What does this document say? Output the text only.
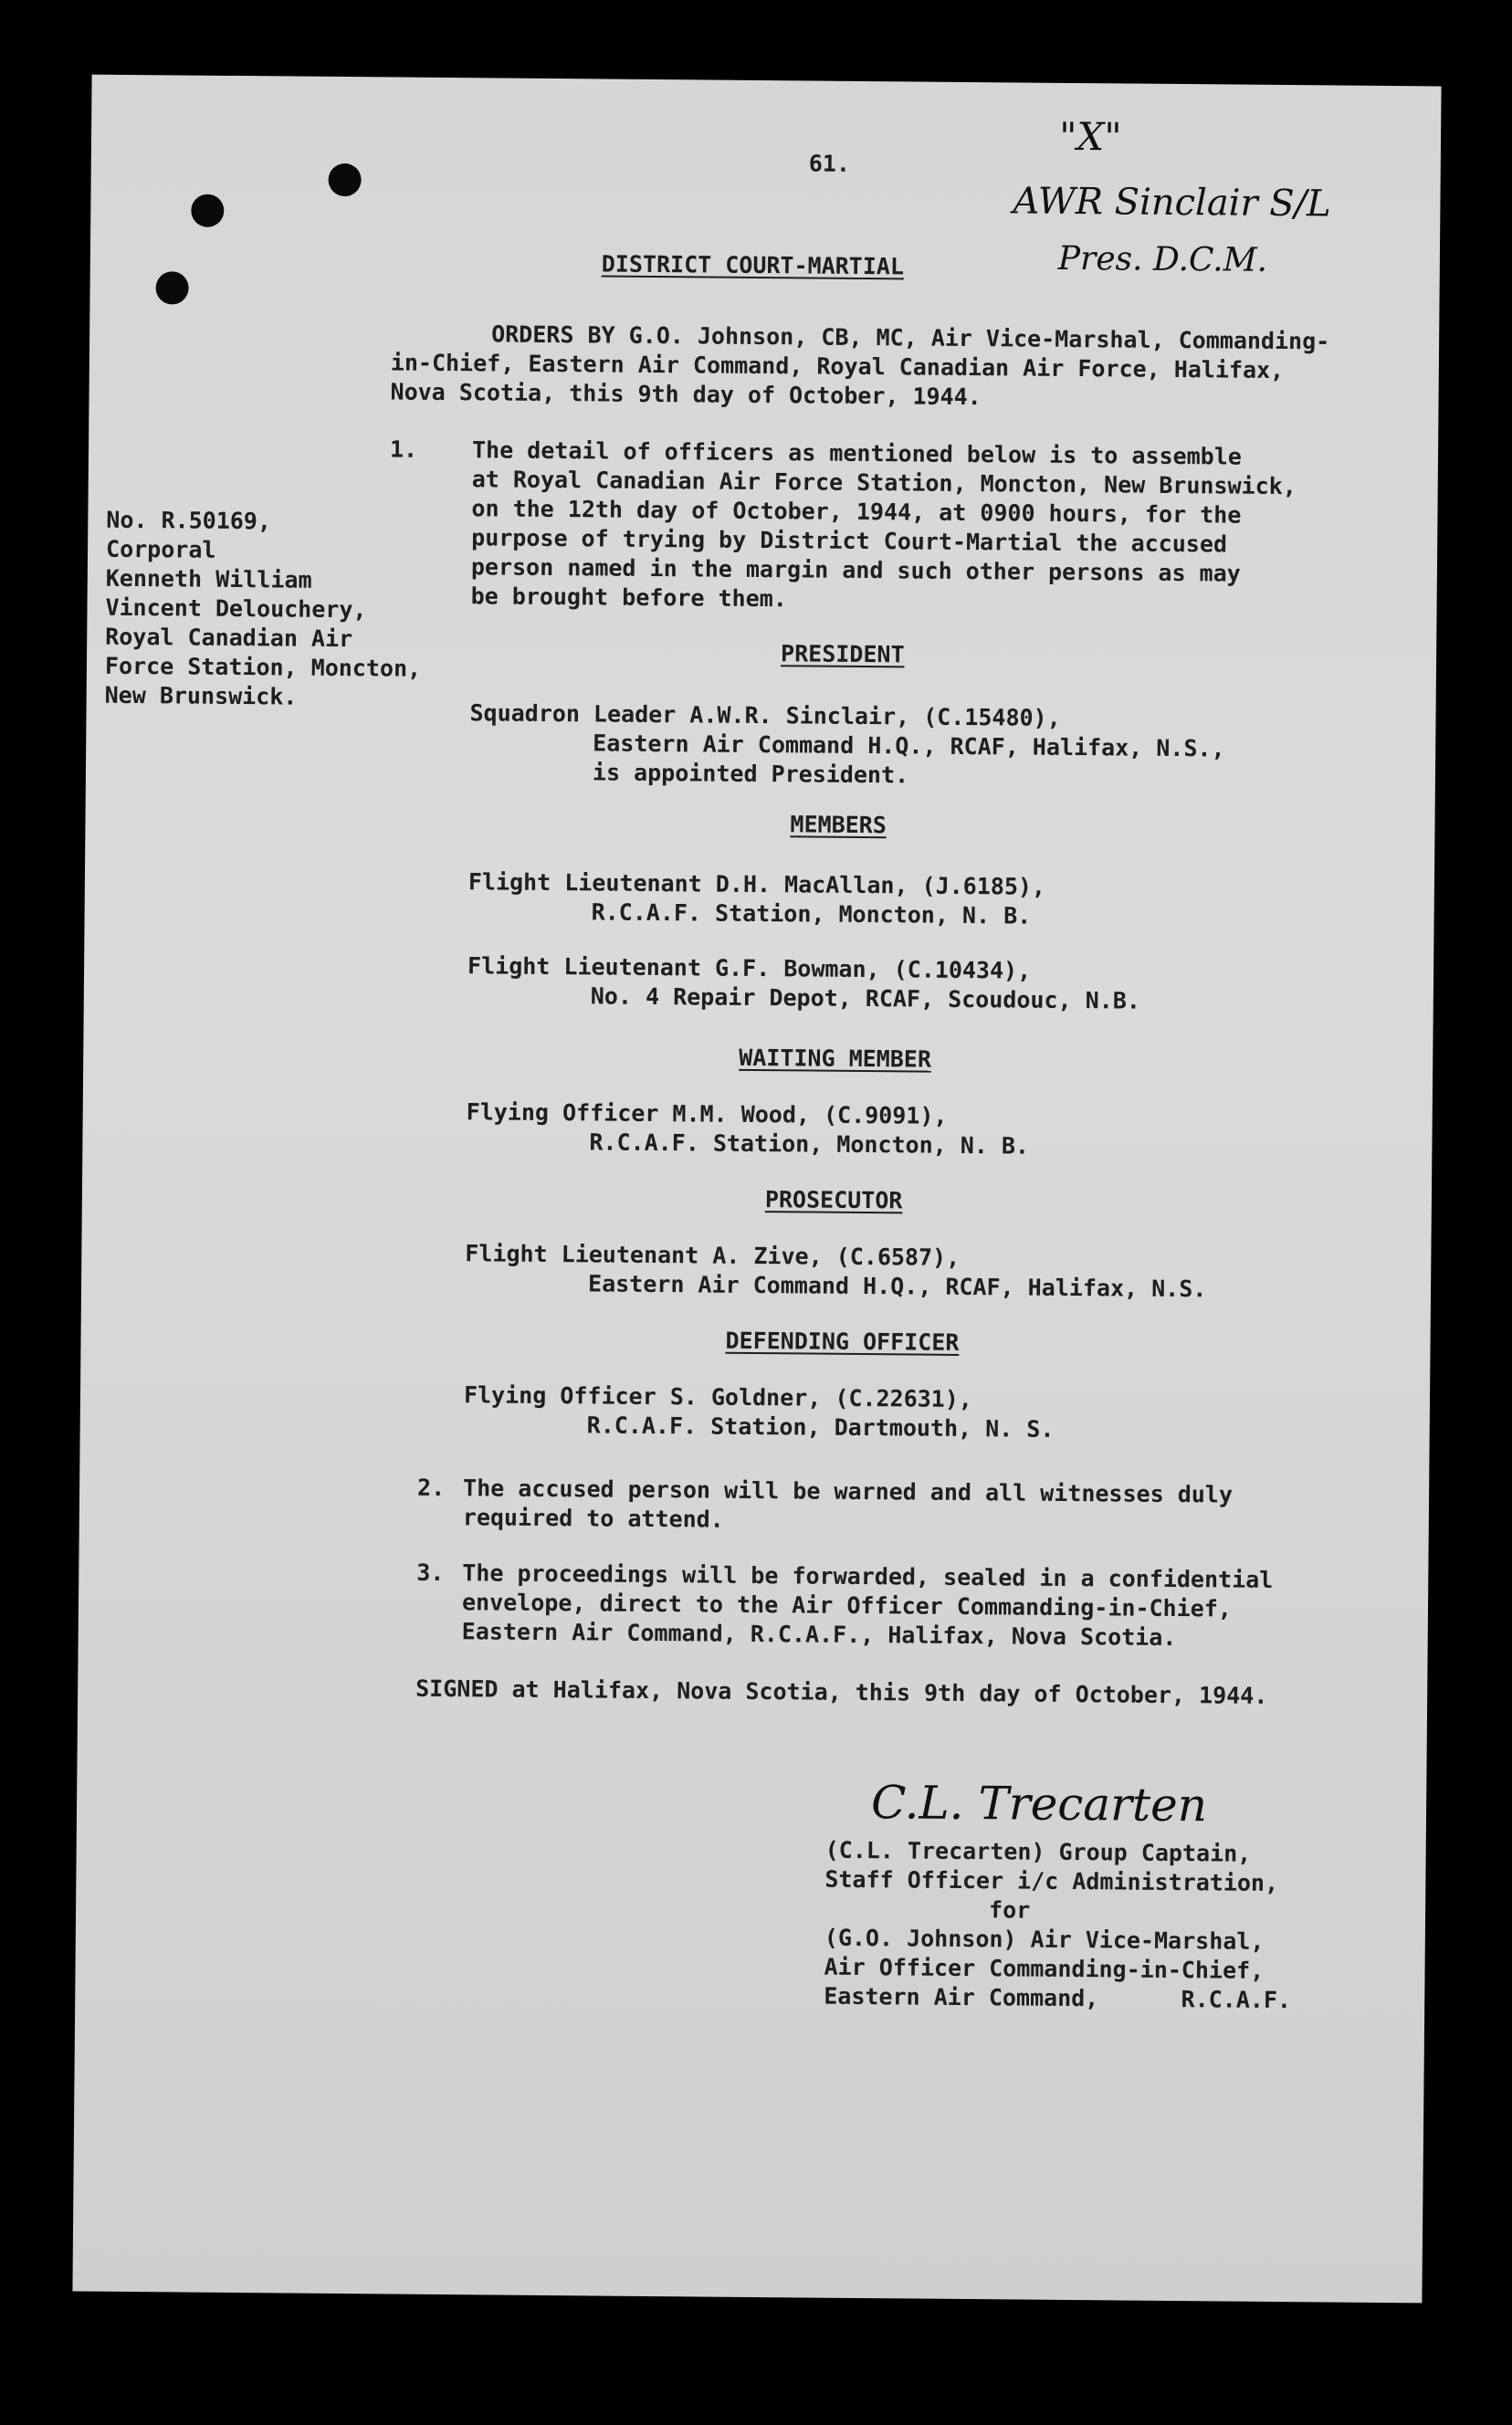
61.
"X"
AWR Sinclair S/L
Pres. D.C.M.
DISTRICT COURT-MARTIAL
ORDERS BY G.O. Johnson, CB, MC, Air Vice-Marshal, Commanding-
in-Chief, Eastern Air Command, Royal Canadian Air Force, Halifax,
Nova Scotia, this 9th day of October, 1944.
No. R.50169,
Corporal
Kenneth William
Vincent Delouchery,
Royal Canadian Air
Force Station, Moncton,
New Brunswick.
1. The detail of officers as mentioned below is to assemble
at Royal Canadian Air Force Station, Moncton, New Brunswick,
on the 12th day of October, 1944, at 0900 hours, for the
purpose of trying by District Court-Martial the accused
person named in the margin and such other persons as may
be brought before them.
PRESIDENT
Squadron Leader A.W.R. Sinclair, (C.15480),
Eastern Air Command H.Q., RCAF, Halifax, N.S.,
is appointed President.
MEMBERS
Flight Lieutenant D.H. MacAllan, (J.6185),
R.C.A.F. Station, Moncton, N. B.
Flight Lieutenant G.F. Bowman, (C.10434),
No. 4 Repair Depot, RCAF, Scoudouc, N.B.
WAITING MEMBER
Flying Officer M.M. Wood, (C.9091),
R.C.A.F. Station, Moncton, N. B.
PROSECUTOR
Flight Lieutenant A. Zive, (C.6587),
Eastern Air Command H.Q., RCAF, Halifax, N.S.
DEFENDING OFFICER
Flying Officer S. Goldner, (C.22631),
R.C.A.F. Station, Dartmouth, N. S.
2. The accused person will be warned and all witnesses duly
required to attend.
3. The proceedings will be forwarded, sealed in a confidential
envelope, direct to the Air Officer Commanding-in-Chief,
Eastern Air Command, R.C.A.F., Halifax, Nova Scotia.
SIGNED at Halifax, Nova Scotia, this 9th day of October, 1944.
C.L. Trecarten
(C.L. Trecarten) Group Captain,
Staff Officer i/c Administration,
for
(G.O. Johnson) Air Vice-Marshal,
Air Officer Commanding-in-Chief,
Eastern Air Command,      R.C.A.F.
